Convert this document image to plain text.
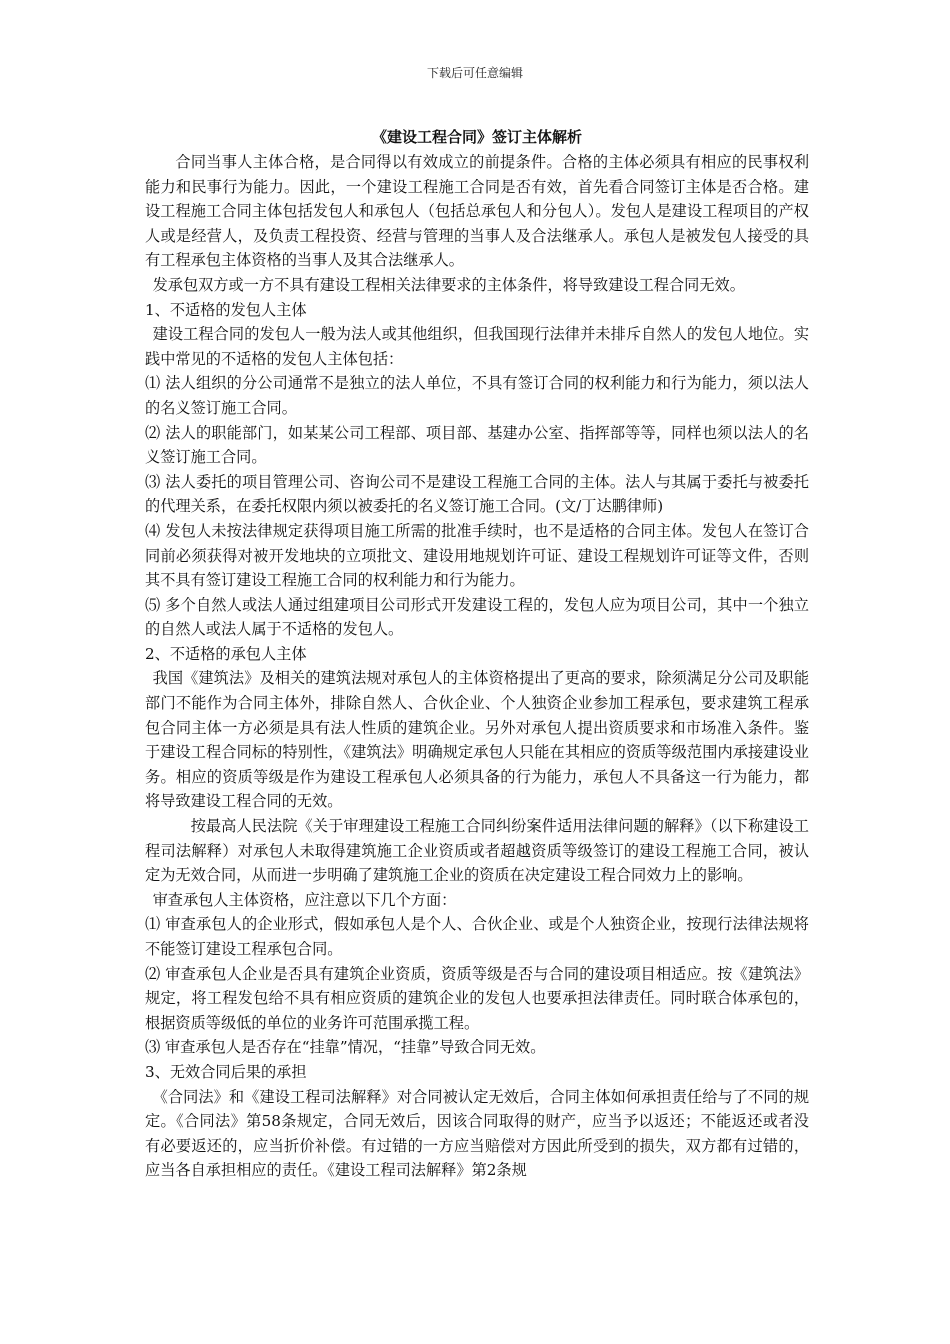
下载后可任意编辑
《建设工程合同》签订主体解析

合同当事人主体合格，是合同得以有效成立的前提条件。合格的主体必须具有相应的民事权利能力和民事行为能力。因此，一个建设工程施工合同是否有效，首先看合同签订主体是否合格。建设工程施工合同主体包括发包人和承包人（包括总承包人和分包人）。发包人是建设工程项目的产权人或是经营人，及负责工程投资、经营与管理的当事人及合法继承人。承包人是被发包人接受的具有工程承包主体资格的当事人及其合法继承人。

发承包双方或一方不具有建设工程相关法律要求的主体条件，将导致建设工程合同无效。

1、不适格的发包人主体

建设工程合同的发包人一般为法人或其他组织，但我国现行法律并未排斥自然人的发包人地位。实践中常见的不适格的发包人主体包括：

⑴ 法人组织的分公司通常不是独立的法人单位，不具有签订合同的权利能力和行为能力，须以法人的名义签订施工合同。

⑵ 法人的职能部门，如某某公司工程部、项目部、基建办公室、指挥部等等，同样也须以法人的名义签订施工合同。

⑶ 法人委托的项目管理公司、咨询公司不是建设工程施工合同的主体。法人与其属于委托与被委托的代理关系，在委托权限内须以被委托的名义签订施工合同。(文/丁达鹏律师)

⑷ 发包人未按法律规定获得项目施工所需的批准手续时，也不是适格的合同主体。发包人在签订合同前必须获得对被开发地块的立项批文、建设用地规划许可证、建设工程规划许可证等文件，否则其不具有签订建设工程施工合同的权利能力和行为能力。

⑸ 多个自然人或法人通过组建项目公司形式开发建设工程的，发包人应为项目公司，其中一个独立的自然人或法人属于不适格的发包人。

2、不适格的承包人主体

我国《建筑法》及相关的建筑法规对承包人的主体资格提出了更高的要求，除须满足分公司及职能部门不能作为合同主体外，排除自然人、合伙企业、个人独资企业参加工程承包，要求建筑工程承包合同主体一方必须是具有法人性质的建筑企业。另外对承包人提出资质要求和市场准入条件。鉴于建设工程合同标的特别性，《建筑法》明确规定承包人只能在其相应的资质等级范围内承接建设业务。相应的资质等级是作为建设工程承包人必须具备的行为能力，承包人不具备这一行为能力，都将导致建设工程合同的无效。

按最高人民法院《关于审理建设工程施工合同纠纷案件适用法律问题的解释》（以下称建设工程司法解释）对承包人未取得建筑施工企业资质或者超越资质等级签订的建设工程施工合同，被认定为无效合同，从而进一步明确了建筑施工企业的资质在决定建设工程合同效力上的影响。

审查承包人主体资格，应注意以下几个方面：

⑴ 审查承包人的企业形式，假如承包人是个人、合伙企业、或是个人独资企业，按现行法律法规将不能签订建设工程承包合同。

⑵ 审查承包人企业是否具有建筑企业资质，资质等级是否与合同的建设项目相适应。按《建筑法》规定，将工程发包给不具有相应资质的建筑企业的发包人也要承担法律责任。同时联合体承包的，根据资质等级低的单位的业务许可范围承揽工程。

⑶ 审查承包人是否存在“挂靠”情况，“挂靠”导致合同无效。

3、无效合同后果的承担

《合同法》和《建设工程司法解释》对合同被认定无效后，合同主体如何承担责任给与了不同的规定。《合同法》第58条规定，合同无效后，因该合同取得的财产，应当予以返还；不能返还或者没有必要返还的，应当折价补偿。有过错的一方应当赔偿对方因此所受到的损失，双方都有过错的，应当各自承担相应的责任。《建设工程司法解释》第2条规
